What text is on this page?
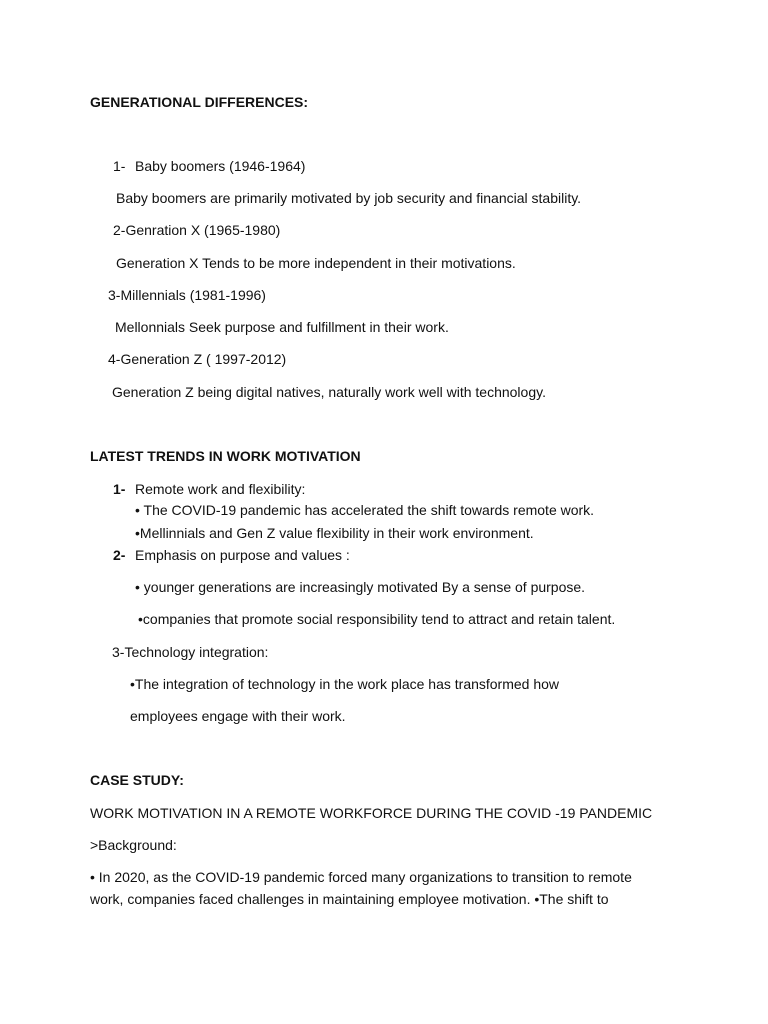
GENERATIONAL DIFFERENCES:
1- Baby boomers (1946-1964)
Baby boomers are primarily motivated by job security and financial stability.
2-Genration X (1965-1980)
Generation X Tends to be more independent in their motivations.
3-Millennials (1981-1996)
Mellonnials Seek purpose and fulfillment in their work.
4-Generation Z ( 1997-2012)
Generation Z being digital natives, naturally work well with technology.
LATEST TRENDS IN WORK MOTIVATION
1- Remote work and flexibility:
• The COVID-19 pandemic has accelerated the shift towards remote work.
•Mellinnials and Gen Z value flexibility in their work environment.
2- Emphasis on purpose and values :
• younger generations are increasingly motivated By a sense of purpose.
•companies that promote social responsibility tend to attract and retain talent.
3-Technology integration:
•The integration of technology in the work place has transformed how
employees engage with their work.
CASE STUDY:
WORK MOTIVATION IN A REMOTE WORKFORCE DURING THE COVID -19 PANDEMIC
>Background:
• In 2020, as the COVID-19 pandemic forced many organizations to transition to remote
work, companies faced challenges in maintaining employee motivation. •The shift to
